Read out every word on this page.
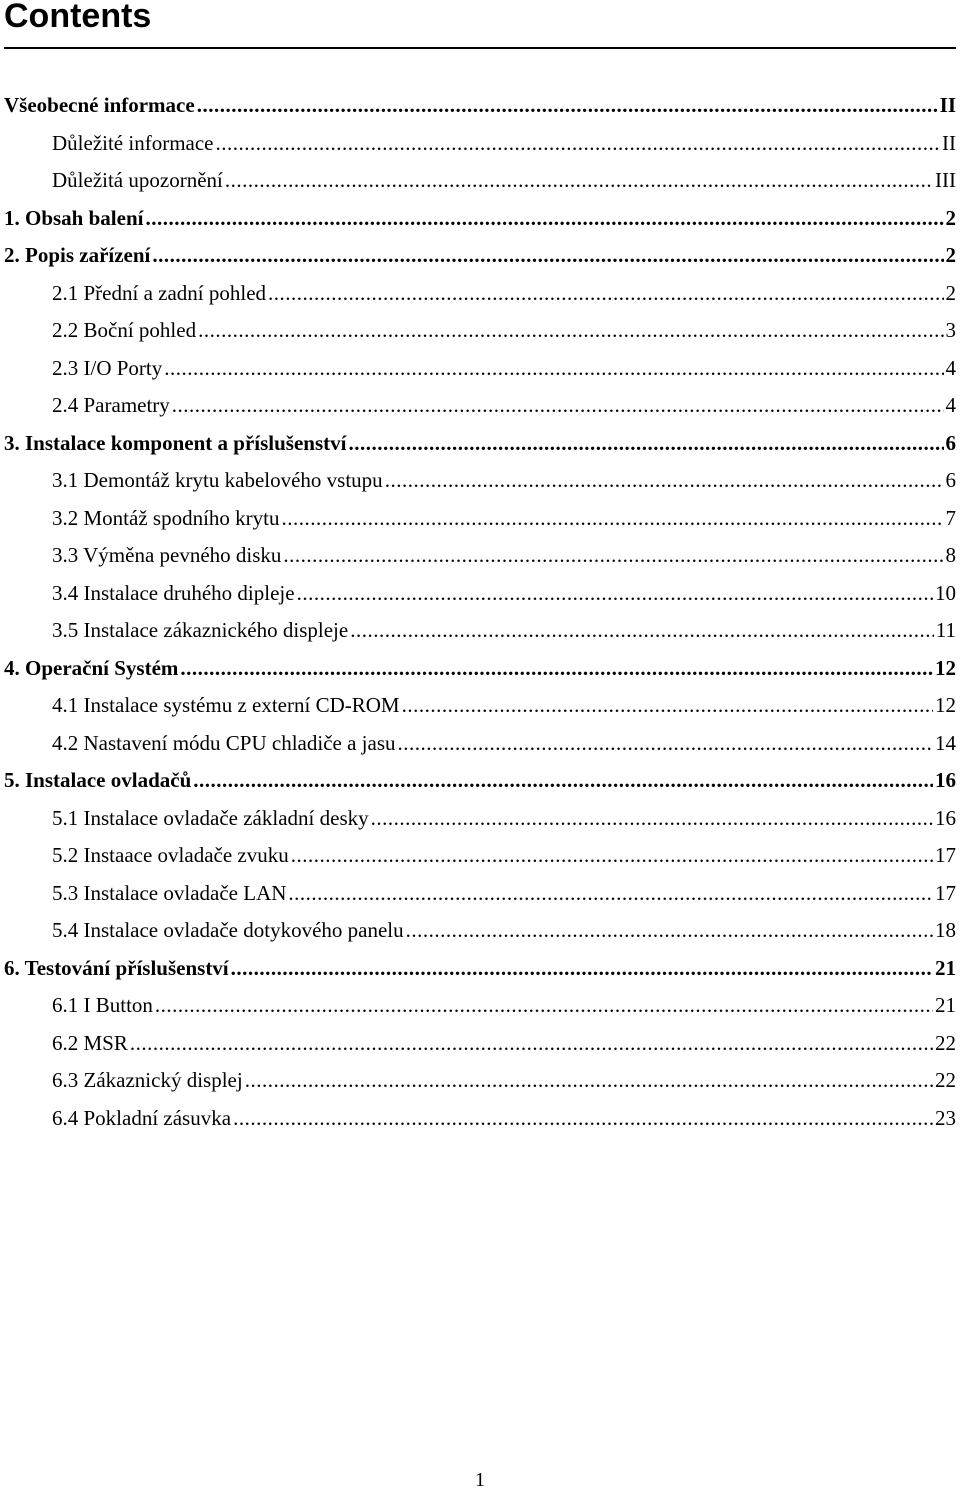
Contents
Všeobecné informace .....	II
Důležité informace .....	II
Důležitá upozornění .....	III
1. Obsah balení .....	2
2. Popis zařízení .....	2
2.1 Přední a zadní pohled .....	2
2.2 Boční pohled .....	3
2.3 I/O Porty .....	4
2.4 Parametry .....	4
3. Instalace komponent a příslušenství .....	6
3.1 Demontáž krytu kabelového vstupu .....	6
3.2 Montáž spodního krytu .....	7
3.3 Výměna pevného disku .....	8
3.4 Instalace druhého dipleje .....	10
3.5 Instalace zákaznického displeje .....	11
4. Operační Systém .....	12
4.1 Instalace systému z externí CD-ROM .....	12
4.2 Nastavení módu CPU chladiče a jasu .....	14
5. Instalace ovladačů .....	16
5.1 Instalace ovladače základní desky .....	16
5.2 Instaace ovladače zvuku .....	17
5.3 Instalace ovladače LAN .....	17
5.4 Instalace ovladače dotykového panelu .....	18
6. Testování příslušenství .....	21
6.1 I Button .....	21
6.2 MSR .....	22
6.3 Zákaznický displej .....	22
6.4 Pokladní zásuvka .....	23
1
